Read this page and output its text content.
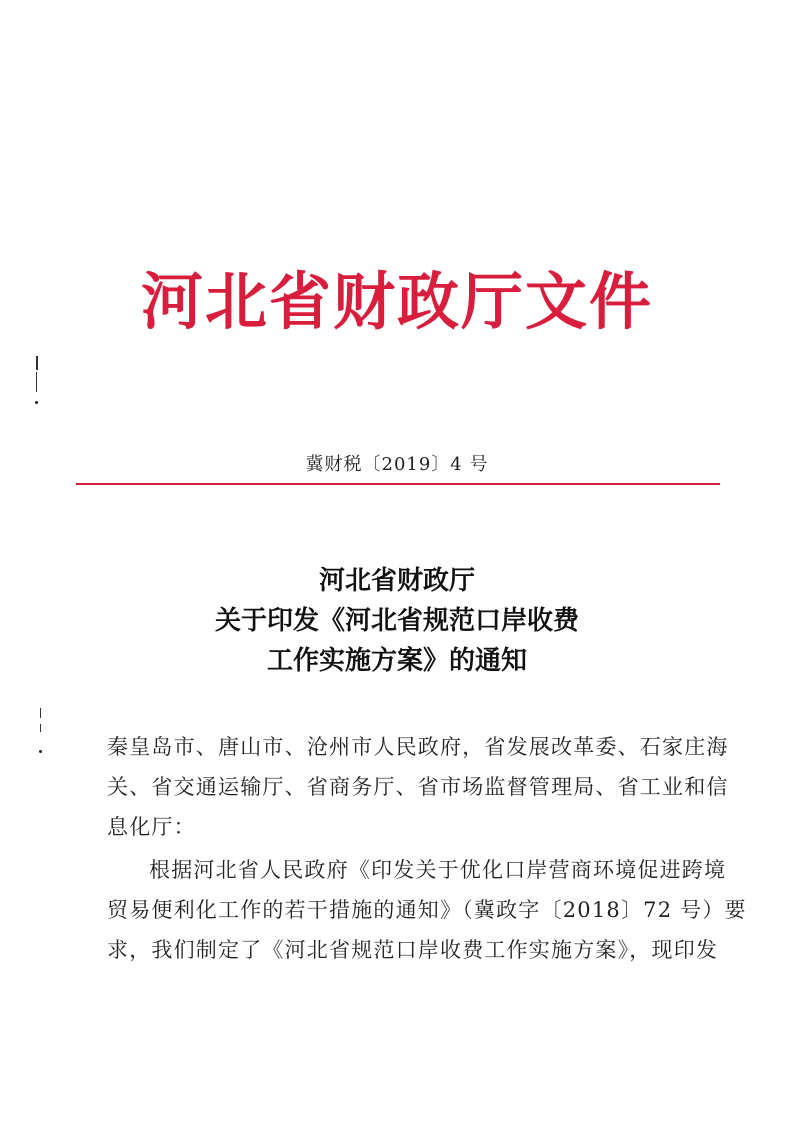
河北省财政厅文件
冀财税〔2019〕4 号
河北省财政厅
关于印发《河北省规范口岸收费
工作实施方案》的通知
秦皇岛市、唐山市、沧州市人民政府，省发展改革委、石家庄海
关、省交通运输厅、省商务厅、省市场监督管理局、省工业和信
息化厅：
根据河北省人民政府《印发关于优化口岸营商环境促进跨境
贸易便利化工作的若干措施的通知》（冀政字〔2018〕72 号）要
求，我们制定了《河北省规范口岸收费工作实施方案》，现印发
